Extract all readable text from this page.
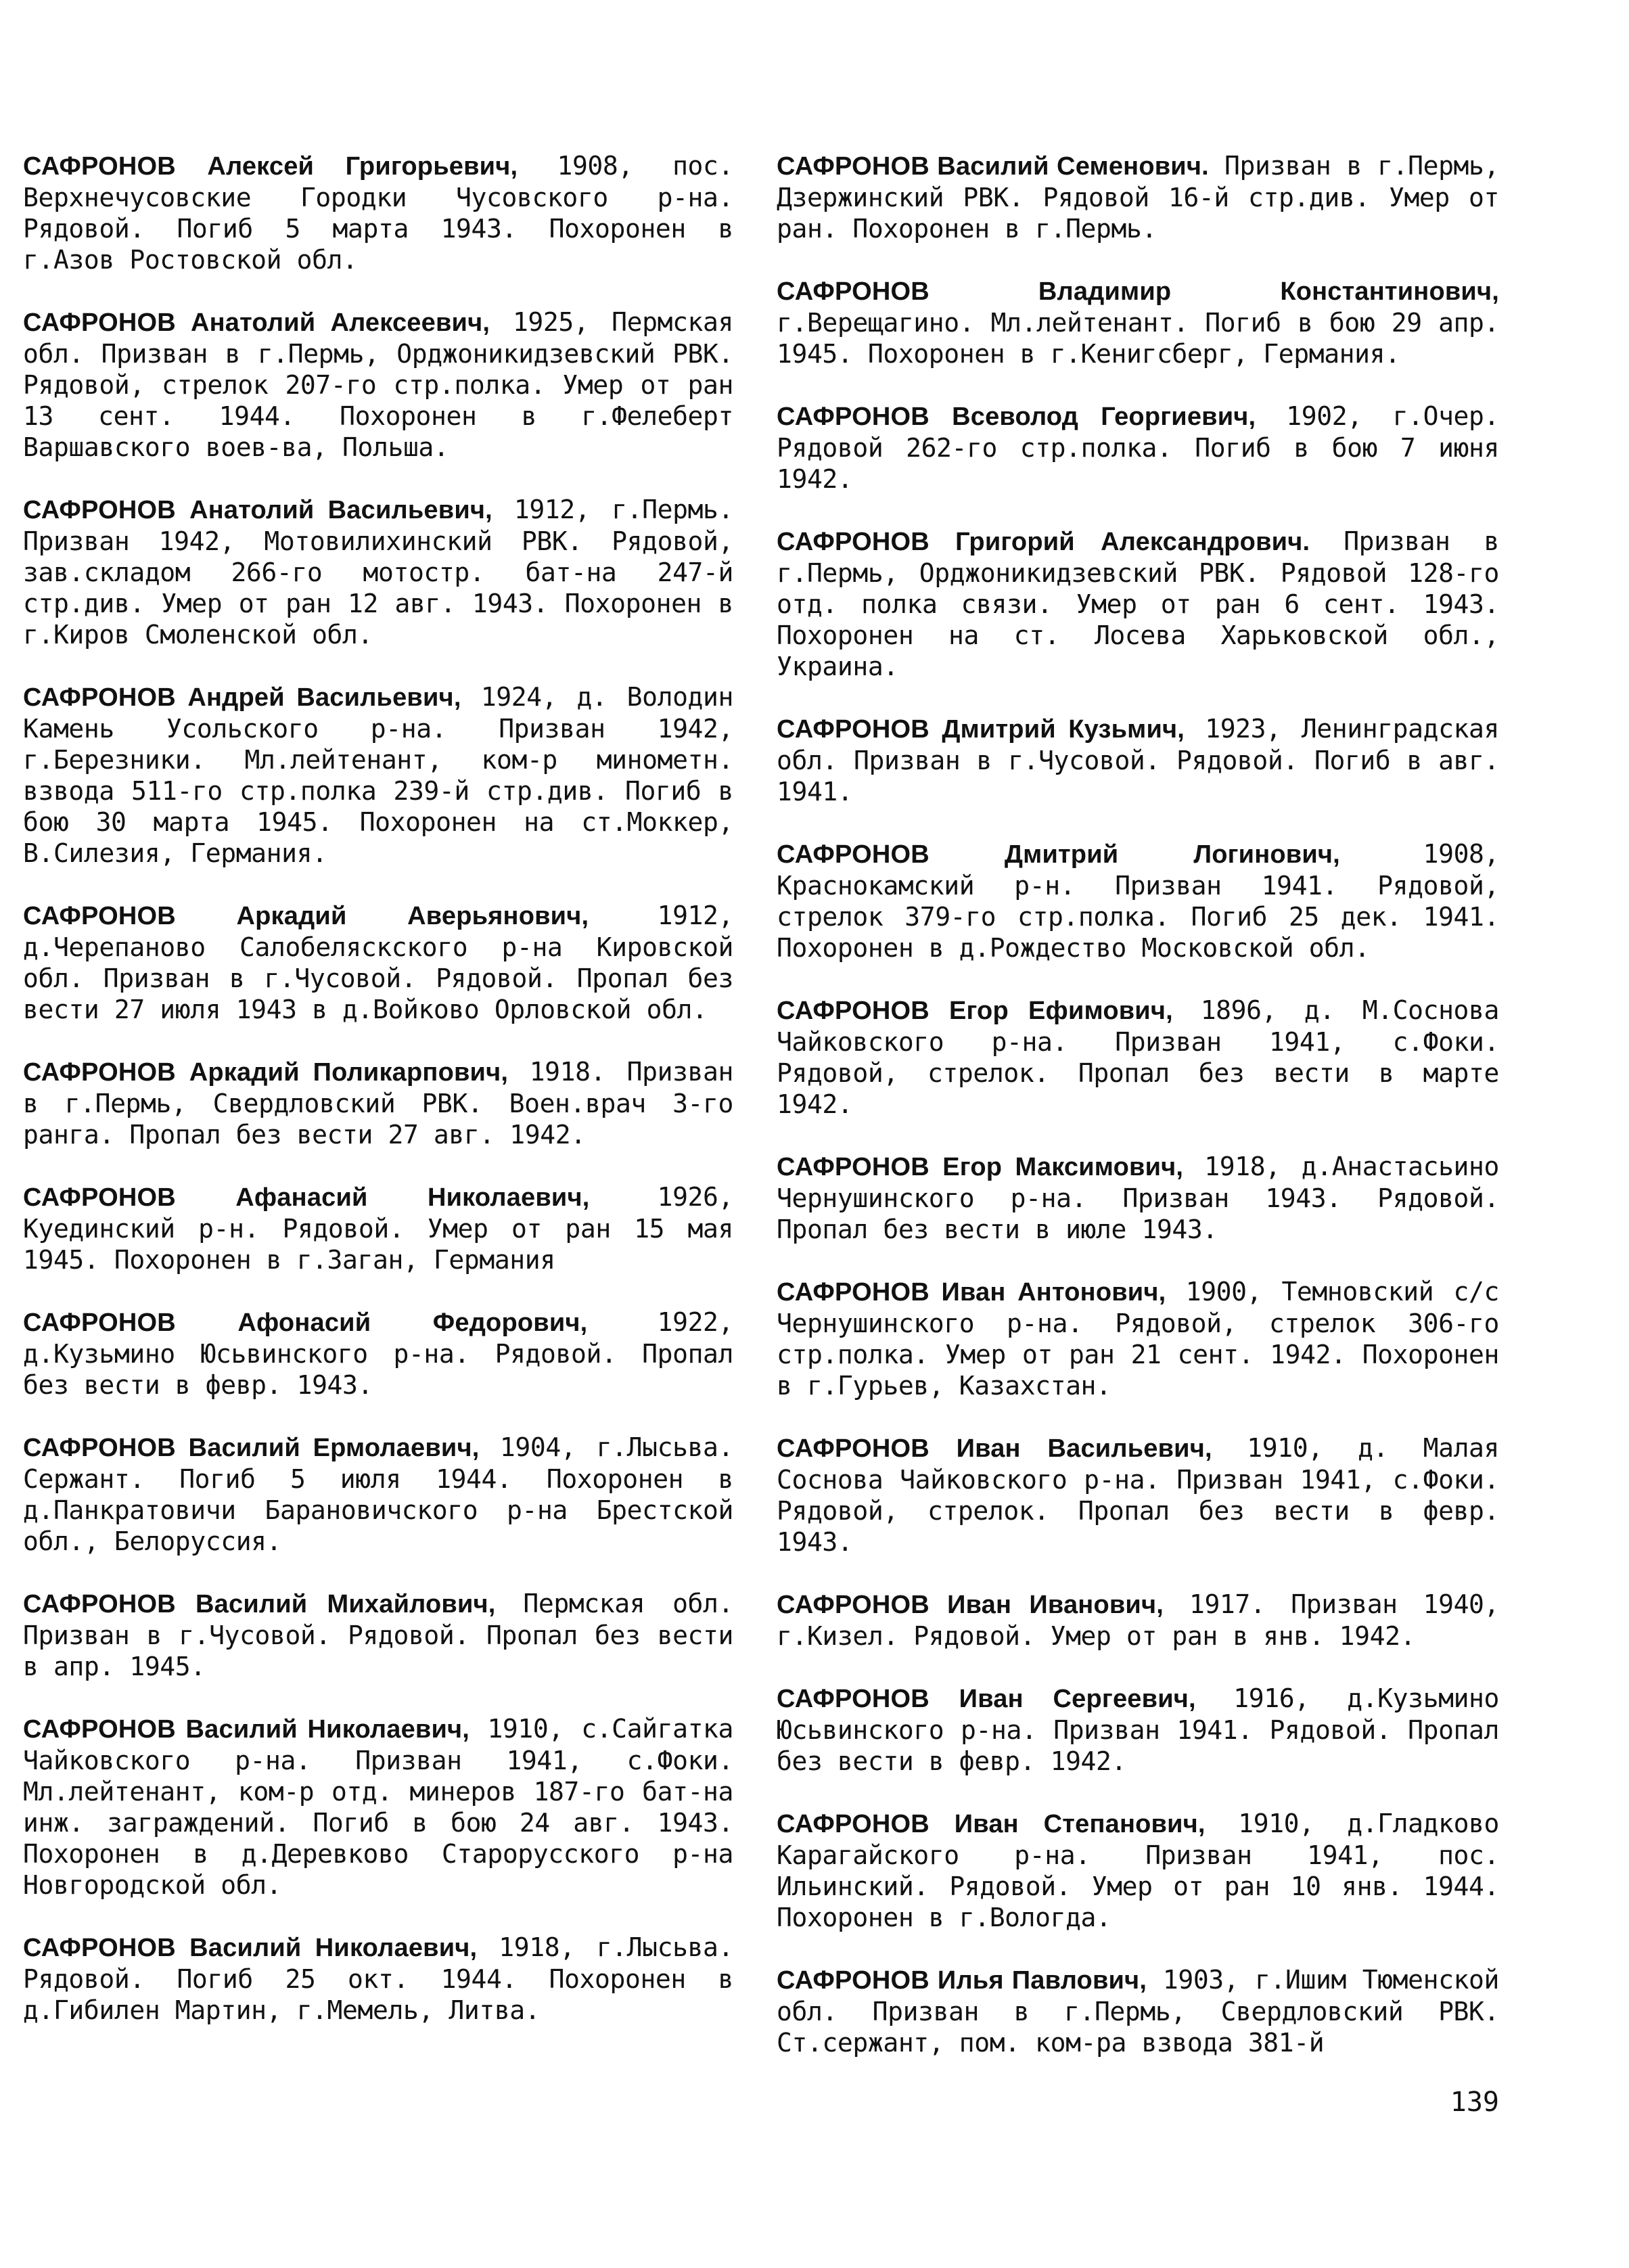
САФРОНОВ Алексей Григорьевич, 1908, пос. Верхнечусовские Городки Чусовского р-на. Рядовой. Погиб 5 марта 1943. Похоронен в г.Азов Ростовской обл.

САФРОНОВ Анатолий Алексеевич, 1925, Пермская обл. Призван в г.Пермь, Орджоникидзевский РВК. Рядовой, стрелок 207-го стр.полка. Умер от ран 13 сент. 1944. Похоронен в г.Фелеберт Варшавского воев-ва, Польша.

САФРОНОВ Анатолий Васильевич, 1912, г.Пермь. Призван 1942, Мотовилихинский РВК. Рядовой, зав.складом 266-го мотостр. бат-на 247-й стр.див. Умер от ран 12 авг. 1943. Похоронен в г.Киров Смоленской обл.

САФРОНОВ Андрей Васильевич, 1924, д. Володин Камень Усольского р-на. Призван 1942, г.Березники. Мл.лейтенант, ком-р минометн. взвода 511-го стр.полка 239-й стр.див. Погиб в бою 30 марта 1945. Похоронен на ст.Моккер, В.Силезия, Германия.

САФРОНОВ Аркадий Аверьянович, 1912, д.Черепаново Салобеляскского р-на Кировской обл. Призван в г.Чусовой. Рядовой. Пропал без вести 27 июля 1943 в д.Войково Орловской обл.

САФРОНОВ Аркадий Поликарпович, 1918. Призван в г.Пермь, Свердловский РВК. Воен.врач 3-го ранга. Пропал без вести 27 авг. 1942.

САФРОНОВ Афанасий Николаевич, 1926, Куединский р-н. Рядовой. Умер от ран 15 мая 1945. Похоронен в г.Заган, Германия

САФРОНОВ Афонасий Федорович, 1922, д.Кузьмино Юсьвинского р-на. Рядовой. Пропал без вести в февр. 1943.

САФРОНОВ Василий Ермолаевич, 1904, г.Лысьва. Сержант. Погиб 5 июля 1944. Похоронен в д.Панкратовичи Барановичского р-на Брестской обл., Белоруссия.

САФРОНОВ Василий Михайлович, Пермская обл. Призван в г.Чусовой. Рядовой. Пропал без вести в апр. 1945.

САФРОНОВ Василий Николаевич, 1910, с.Сайгатка Чайковского р-на. Призван 1941, с.Фоки. Мл.лейтенант, ком-р отд. минеров 187-го бат-на инж. заграждений. Погиб в бою 24 авг. 1943. Похоронен в д.Деревково Старорусского р-на Новгородской обл.

САФРОНОВ Василий Николаевич, 1918, г.Лысьва. Рядовой. Погиб 25 окт. 1944. Похоронен в д.Гибилен Мартин, г.Мемель, Литва.

САФРОНОВ Василий Семенович. Призван в г.Пермь, Дзержинский РВК. Рядовой 16-й стр.див. Умер от ран. Похоронен в г.Пермь.

САФРОНОВ Владимир Константинович, г.Верещагино. Мл.лейтенант. Погиб в бою 29 апр. 1945. Похоронен в г.Кенигсберг, Германия.

САФРОНОВ Всеволод Георгиевич, 1902, г.Очер. Рядовой 262-го стр.полка. Погиб в бою 7 июня 1942.

САФРОНОВ Григорий Александрович. Призван в г.Пермь, Орджоникидзевский РВК. Рядовой 128-го отд. полка связи. Умер от ран 6 сент. 1943. Похоронен на ст. Лосева Харьковской обл., Украина.

САФРОНОВ Дмитрий Кузьмич, 1923, Ленинградская обл. Призван в г.Чусовой. Рядовой. Погиб в авг. 1941.

САФРОНОВ Дмитрий Логинович, 1908, Краснокамский р-н. Призван 1941. Рядовой, стрелок 379-го стр.полка. Погиб 25 дек. 1941. Похоронен в д.Рождество Московской обл.

САФРОНОВ Егор Ефимович, 1896, д. М.Соснова Чайковского р-на. Призван 1941, с.Фоки. Рядовой, стрелок. Пропал без вести в марте 1942.

САФРОНОВ Егор Максимович, 1918, д.Анастасьино Чернушинского р-на. Призван 1943. Рядовой. Пропал без вести в июле 1943.

САФРОНОВ Иван Антонович, 1900, Темновский с/с Чернушинского р-на. Рядовой, стрелок 306-го стр.полка. Умер от ран 21 сент. 1942. Похоронен в г.Гурьев, Казахстан.

САФРОНОВ Иван Васильевич, 1910, д. Малая Соснова Чайковского р-на. Призван 1941, с.Фоки. Рядовой, стрелок. Пропал без вести в февр. 1943.

САФРОНОВ Иван Иванович, 1917. Призван 1940, г.Кизел. Рядовой. Умер от ран в янв. 1942.

САФРОНОВ Иван Сергеевич, 1916, д.Кузьмино Юсьвинского р-на. Призван 1941. Рядовой. Пропал без вести в февр. 1942.

САФРОНОВ Иван Степанович, 1910, д.Гладково Карагайского р-на. Призван 1941, пос. Ильинский. Рядовой. Умер от ран 10 янв. 1944. Похоронен в г.Вологда.

САФРОНОВ Илья Павлович, 1903, г.Ишим Тюменской обл. Призван в г.Пермь, Свердловский РВК. Ст.сержант, пом. ком-ра взвода 381-й

139
